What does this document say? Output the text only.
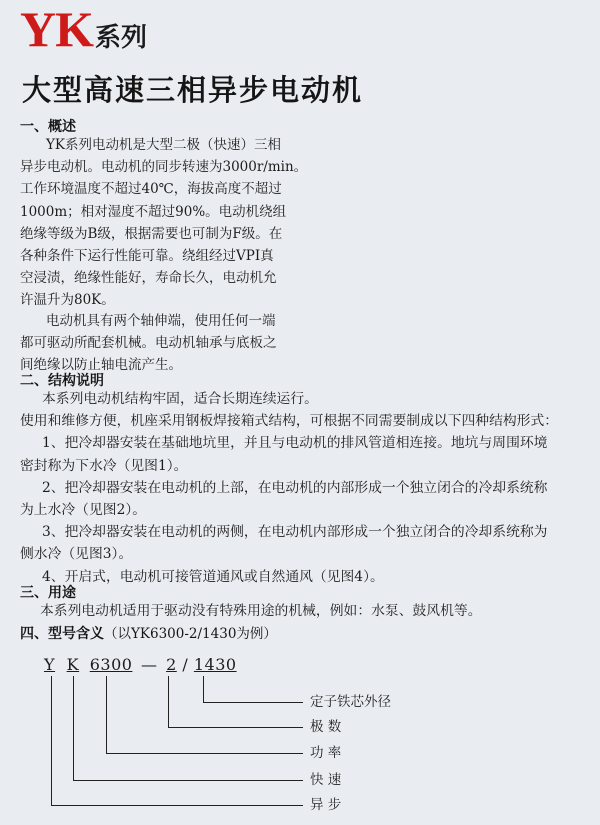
YK系列
大型高速三相异步电动机
一、概述
YK系列电动机是大型二极（快速）三相
异步电动机。电动机的同步转速为3000r/min。
工作环境温度不超过40℃，海拔高度不超过
1000m；相对湿度不超过90%。电动机绕组
绝缘等级为B级，根据需要也可制为F级。在
各种条件下运行性能可靠。绕组经过VPI真
空浸渍，绝缘性能好，寿命长久，电动机允
许温升为80K。
电动机具有两个轴伸端，使用任何一端
都可驱动所配套机械。电动机轴承与底板之
间绝缘以防止轴电流产生。
二、结构说明
本系列电动机结构牢固，适合长期连续运行。
使用和维修方便，机座采用钢板焊接箱式结构，可根据不同需要制成以下四种结构形式：
1、把冷却器安装在基础地坑里，并且与电动机的排风管道相连接。地坑与周围环境
密封称为下水冷（见图1）。
2、把冷却器安装在电动机的上部，在电动机的内部形成一个独立闭合的冷却系统称
为上水冷（见图2）。
3、把冷却器安装在电动机的两侧，在电动机内部形成一个独立闭合的冷却系统称为
侧水冷（见图3）。
4、开启式，电动机可接管道通风或自然通风（见图4）。
三、用途
本系列电动机适用于驱动没有特殊用途的机械，例如：水泵、鼓风机等。
四、型号含义（以YK6300-2/1430为例）
Y K 6300 — 2 / 1430
定子铁芯外径
极 数
功 率
快 速
异 步
